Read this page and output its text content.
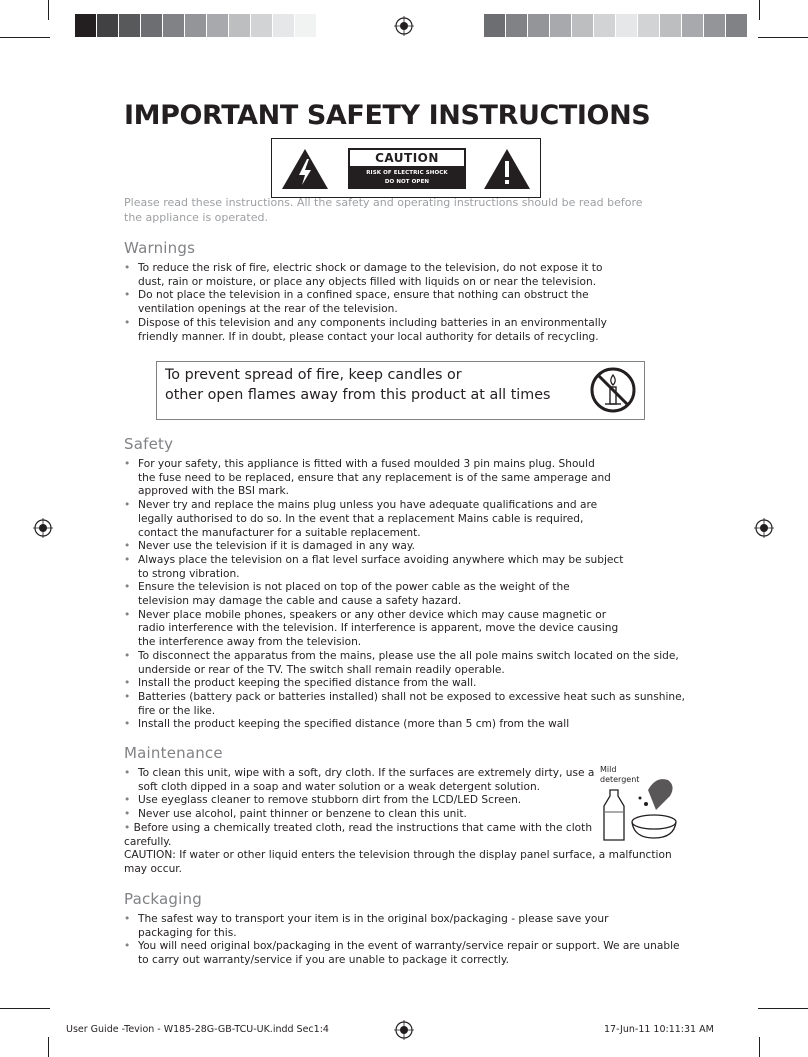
IMPORTANT SAFETY INSTRUCTIONS
CAUTION
RISK OF ELECTRIC SHOCK
DO NOT OPEN
Please read these instructions. All the safety and operating instructions should be read before the appliance is operated.
Warnings
• To reduce the risk of fire, electric shock or damage to the television, do not expose it to
dust, rain or moisture, or place any objects filled with liquids on or near the television.
• Do not place the television in a confined space, ensure that nothing can obstruct the
ventilation openings at the rear of the television.
• Dispose of this television and any components including batteries in an environmentally
friendly manner. If in doubt, please contact your local authority for details of recycling.
To prevent spread of fire, keep candles or
other open flames away from this product at all times
Safety
• For your safety, this appliance is fitted with a fused moulded 3 pin mains plug. Should
the fuse need to be replaced, ensure that any replacement is of the same amperage and
approved with the BSI mark.
• Never try and replace the mains plug unless you have adequate qualifications and are
legally authorised to do so. In the event that a replacement Mains cable is required,
contact the manufacturer for a suitable replacement.
• Never use the television if it is damaged in any way.
• Always place the television on a flat level surface avoiding anywhere which may be subject
to strong vibration.
• Ensure the television is not placed on top of the power cable as the weight of the
television may damage the cable and cause a safety hazard.
• Never place mobile phones, speakers or any other device which may cause magnetic or
radio interference with the television. If interference is apparent, move the device causing
the interference away from the television.
• To disconnect the apparatus from the mains, please use the all pole mains switch located on the side,
underside or rear of the TV. The switch shall remain readily operable.
• Install the product keeping the specified distance from the wall.
• Batteries (battery pack or batteries installed) shall not be exposed to excessive heat such as sunshine,
fire or the like.
• Install the product keeping the specified distance (more than 5 cm) from the wall
Maintenance
• To clean this unit, wipe with a soft, dry cloth. If the surfaces are extremely dirty, use a
soft cloth dipped in a soap and water solution or a weak detergent solution.
• Use eyeglass cleaner to remove stubborn dirt from the LCD/LED Screen.
• Never use alcohol, paint thinner or benzene to clean this unit.
• Before using a chemically treated cloth, read the instructions that came with the cloth
carefully.
CAUTION: If water or other liquid enters the television through the display panel surface, a malfunction
may occur.
Mild
detergent
Packaging
• The safest way to transport your item is in the original box/packaging - please save your
packaging for this.
• You will need original box/packaging in the event of warranty/service repair or support. We are unable
to carry out warranty/service if you are unable to package it correctly.
User Guide -Tevion - W185-28G-GB-TCU-UK.indd Sec1:4	17-Jun-11 10:11:31 AM
